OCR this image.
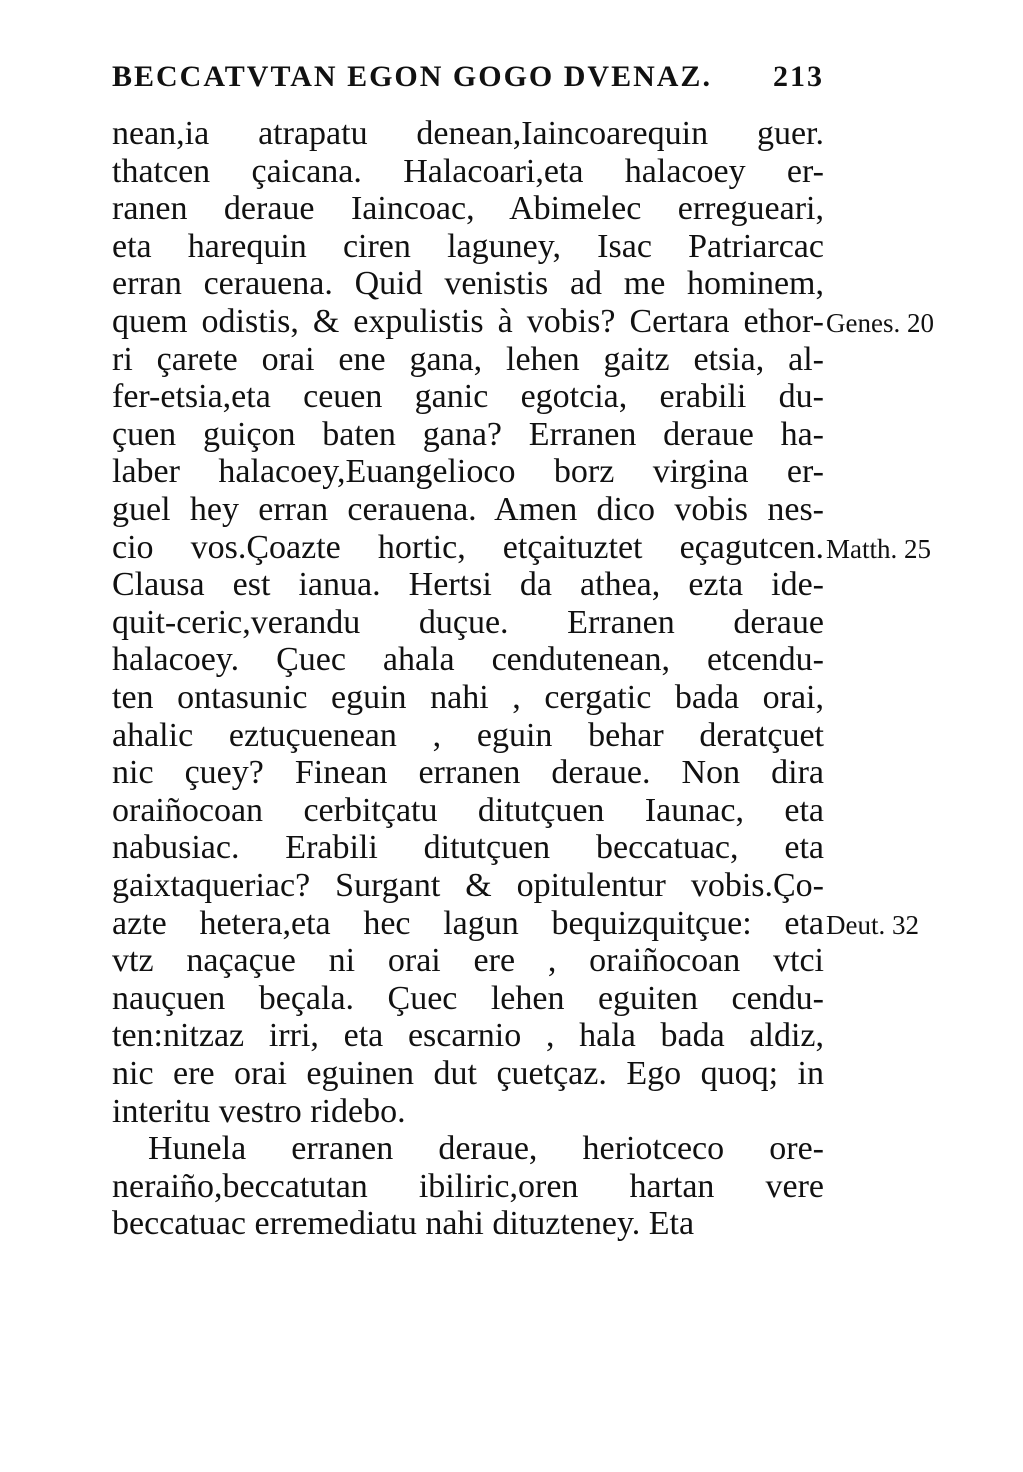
BECCATVTAN EGON GOGO DVENAZ. 213
nean,ia atrapatu denean,Iaincoarequin guer.
thatcen çaicana. Halacoari,eta halacoey er-
ranen deraue Iaincoac, Abimelec erregueari,
eta harequin ciren laguney, Isac Patriarcac
erran cerauena. Quid venistis ad me hominem,
quem odistis, & expulistis à vobis? Certara ethor-
ri çarete orai ene gana, lehen gaitz etsia, al-
fer-etsia,eta ceuen ganic egotcia, erabili du-
çuen guiçon baten gana? Erranen deraue ha-
laber halacoey,Euangelioco borz virgina er-
guel hey erran cerauena. Amen dico vobis nes-
cio vos.Çoazte hortic, etçaituztet eçagutcen.
Clausa est ianua. Hertsi da athea, ezta ide-
quit-ceric,verandu duçue. Erranen deraue
halacoey. Çuec ahala cendutenean, etcendu-
ten ontasunic eguin nahi , cergatic bada orai,
ahalic eztuçuenean , eguin behar deratçuet
nic çuey? Finean erranen deraue. Non dira
oraiñocoan cerbitçatu ditutçuen Iaunac, eta
nabusiac. Erabili ditutçuen beccatuac, eta
gaixtaqueriac? Surgant & opitulentur vobis.Ço-
azte hetera,eta hec lagun bequizquitçue: eta
vtz naçaçue ni orai ere , oraiñocoan vtci
nauçuen beçala. Çuec lehen eguiten cendu-
ten:nitzaz irri, eta escarnio , hala bada aldiz,
nic ere orai eguinen dut çuetçaz. Ego quoq; in
interitu vestro ridebo.
Hunela erranen deraue, heriotceco ore-
neraiño,beccatutan ibiliric,oren hartan vere
beccatuac erremediatu nahi dituzteney. Eta
Genes. 20
Matth. 25
Deut. 32
